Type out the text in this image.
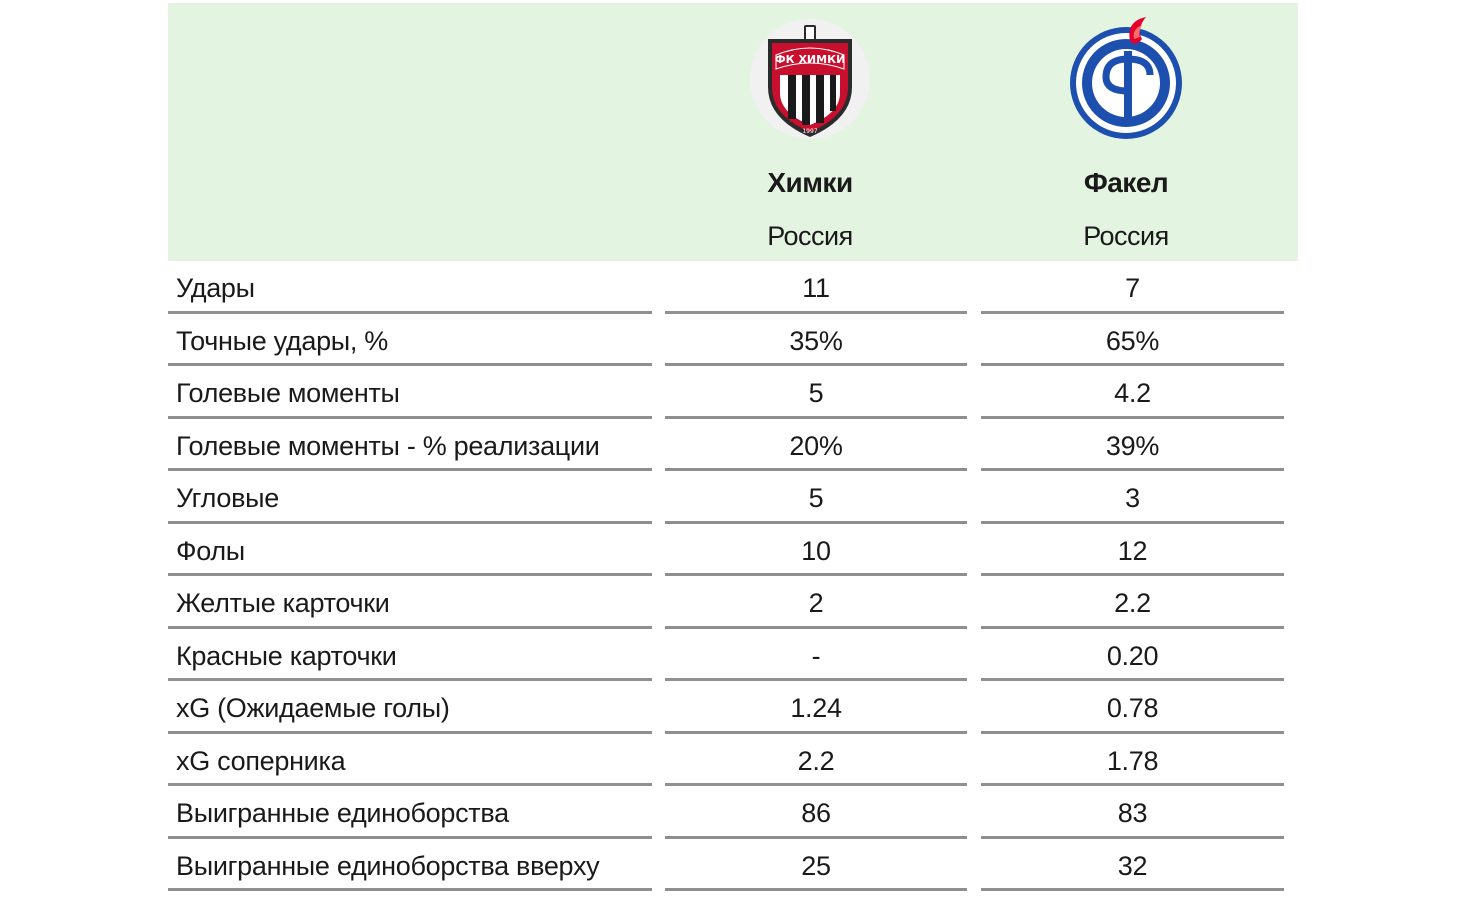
ФК ХИМКИ
1997
Химки
Россия
Факел
Россия
Удары	11	7
Точные удары, %	35%	65%
Голевые моменты	5	4.2
Голевые моменты - % реализации	20%	39%
Угловые	5	3
Фолы	10	12
Желтые карточки	2	2.2
Красные карточки	-	0.20
xG (Ожидаемые голы)	1.24	0.78
xG соперника	2.2	1.78
Выигранные единоборства	86	83
Выигранные единоборства вверху	25	32
